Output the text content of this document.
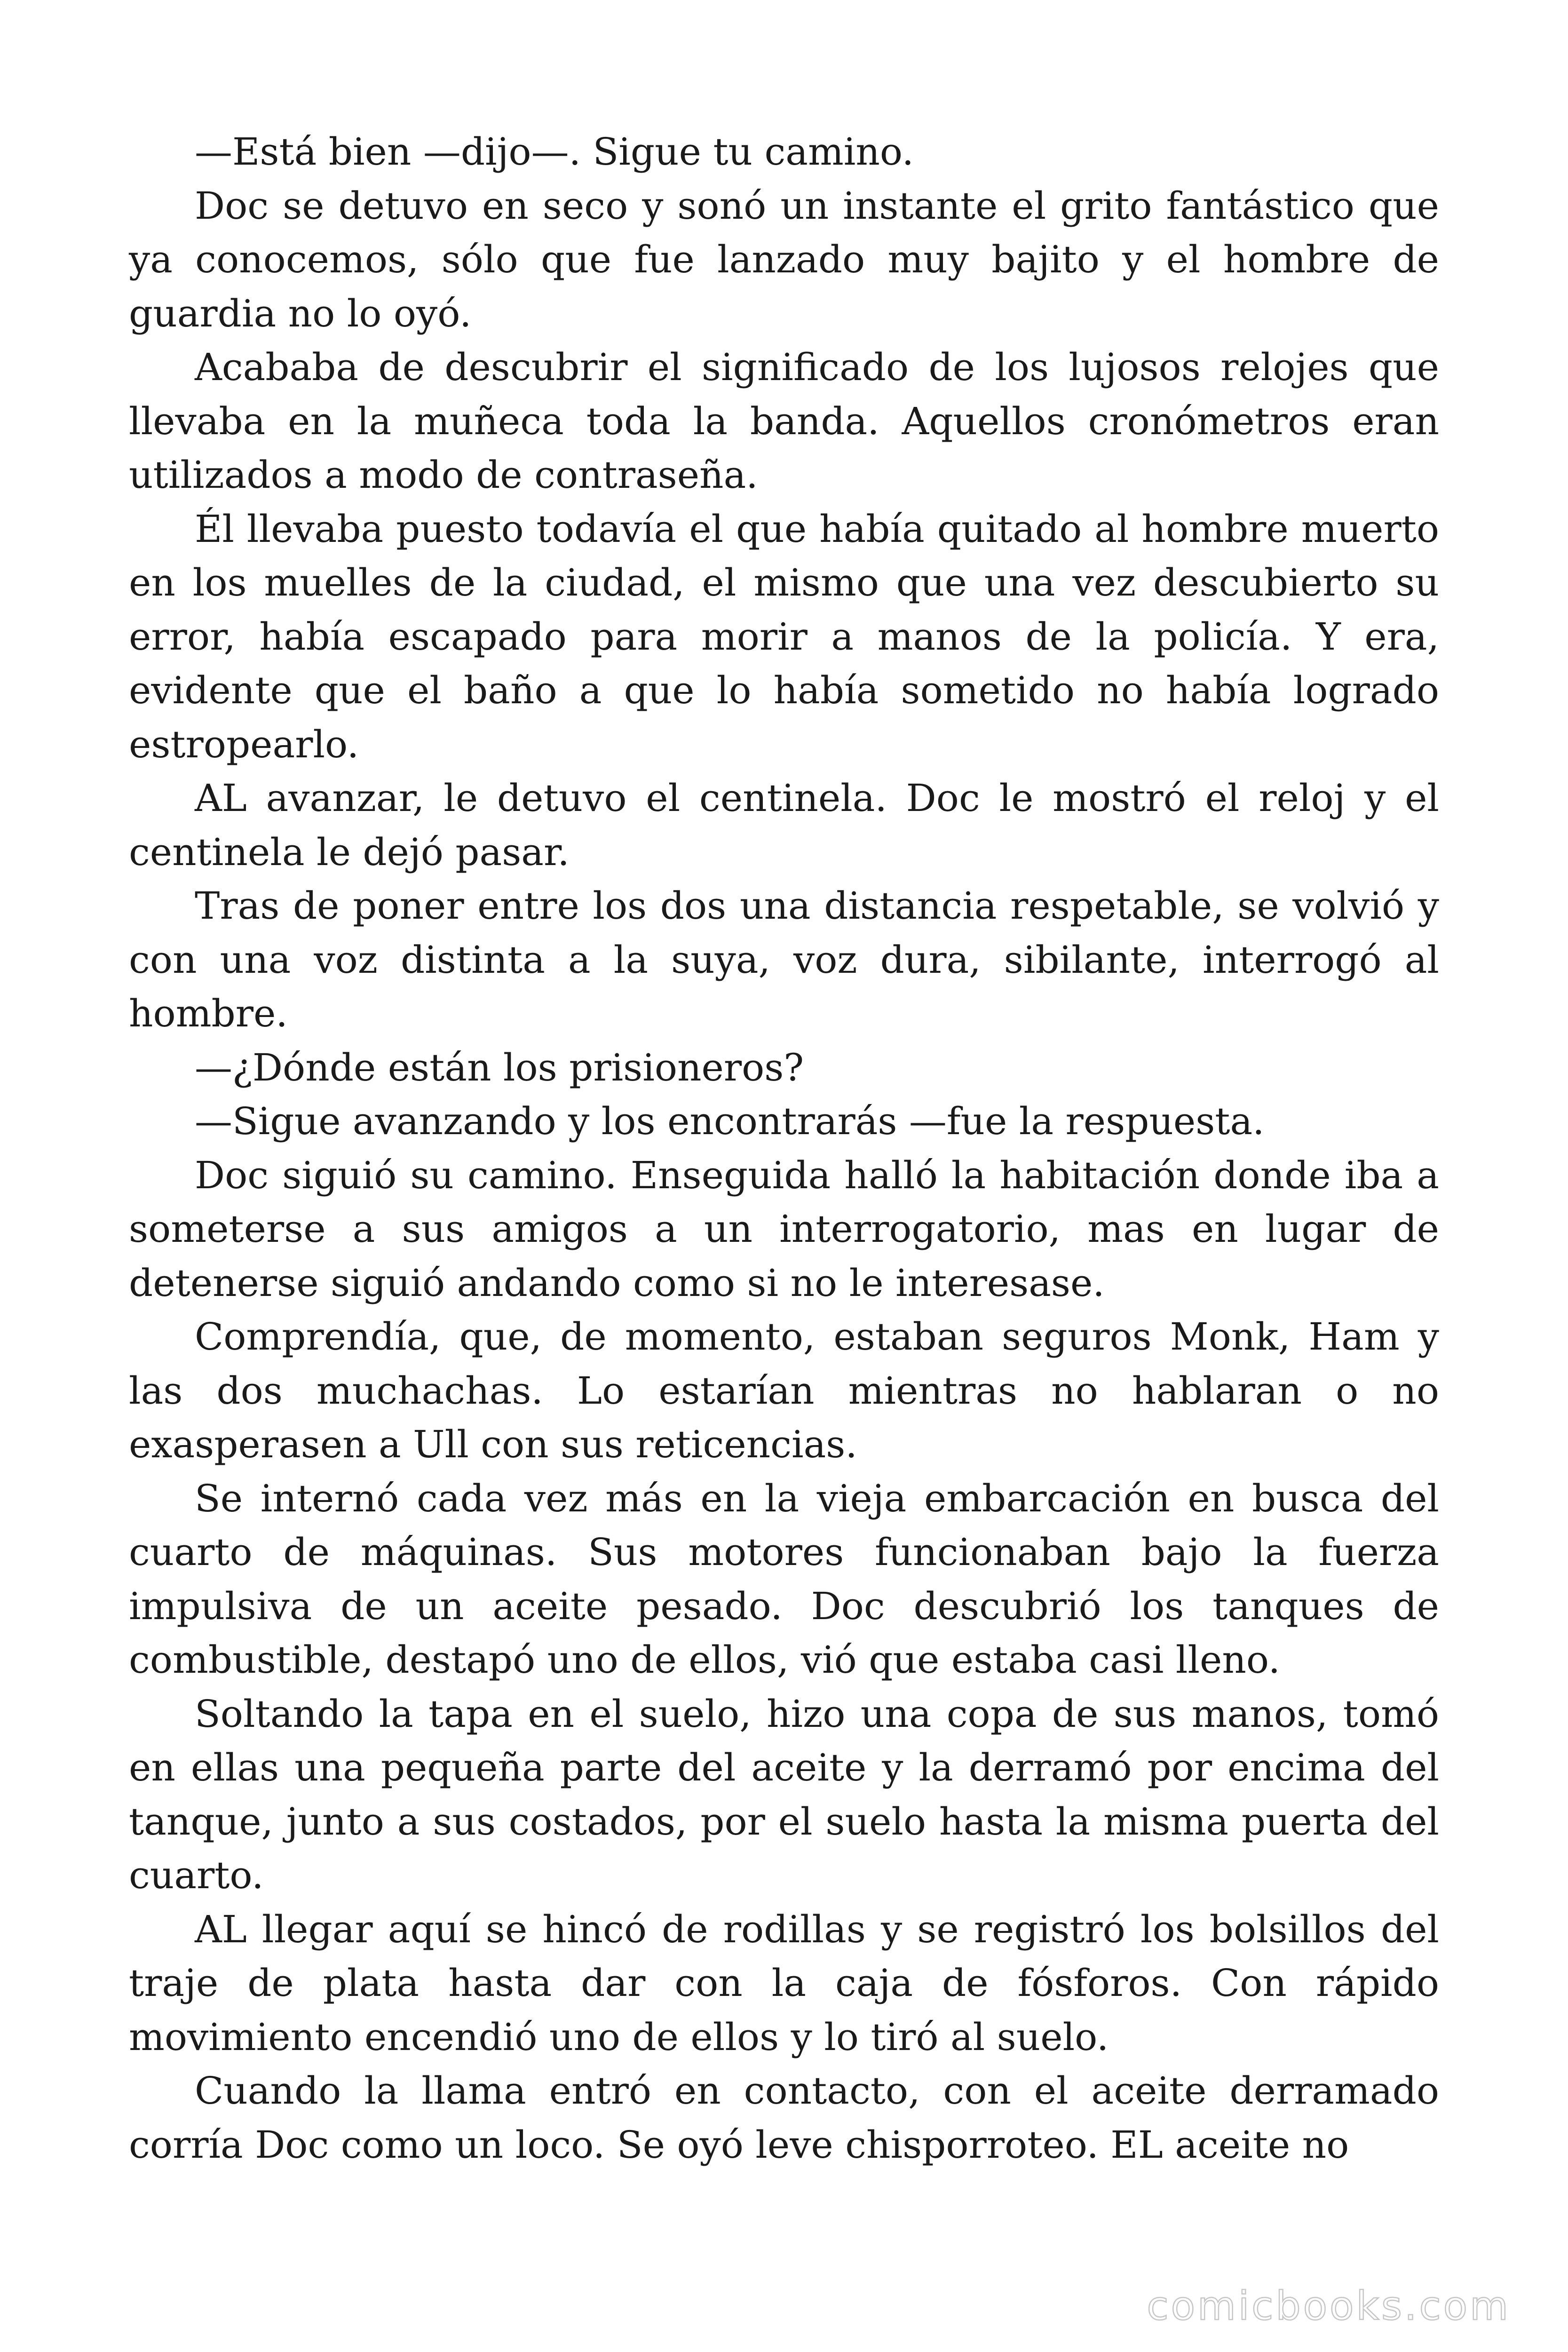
—Está bien —dijo—. Sigue tu camino.

Doc se detuvo en seco y sonó un instante el grito fantástico que ya conocemos, sólo que fue lanzado muy bajito y el hombre de guardia no lo oyó.

Acababa de descubrir el significado de los lujosos relojes que llevaba en la muñeca toda la banda. Aquellos cronómetros eran utilizados a modo de contraseña.

Él llevaba puesto todavía el que había quitado al hombre muerto en los muelles de la ciudad, el mismo que una vez descubierto su error, había escapado para morir a manos de la policía. Y era, evidente que el baño a que lo había sometido no había logrado estropearlo.

AL avanzar, le detuvo el centinela. Doc le mostró el reloj y el centinela le dejó pasar.

Tras de poner entre los dos una distancia respetable, se volvió y con una voz distinta a la suya, voz dura, sibilante, interrogó al hombre.

—¿Dónde están los prisioneros?

—Sigue avanzando y los encontrarás —fue la respuesta.

Doc siguió su camino. Enseguida halló la habitación donde iba a someterse a sus amigos a un interrogatorio, mas en lugar de detenerse siguió andando como si no le interesase.

Comprendía, que, de momento, estaban seguros Monk, Ham y las dos muchachas. Lo estarían mientras no hablaran o no exasperasen a Ull con sus reticencias.

Se internó cada vez más en la vieja embarcación en busca del cuarto de máquinas. Sus motores funcionaban bajo la fuerza impulsiva de un aceite pesado. Doc descubrió los tanques de combustible, destapó uno de ellos, vió que estaba casi lleno.

Soltando la tapa en el suelo, hizo una copa de sus manos, tomó en ellas una pequeña parte del aceite y la derramó por encima del tanque, junto a sus costados, por el suelo hasta la misma puerta del cuarto.

AL llegar aquí se hincó de rodillas y se registró los bolsillos del traje de plata hasta dar con la caja de fósforos. Con rápido movimiento encendió uno de ellos y lo tiró al suelo.

Cuando la llama entró en contacto, con el aceite derramado corría Doc como un loco. Se oyó leve chisporroteo. EL aceite no

comicbooks.com
